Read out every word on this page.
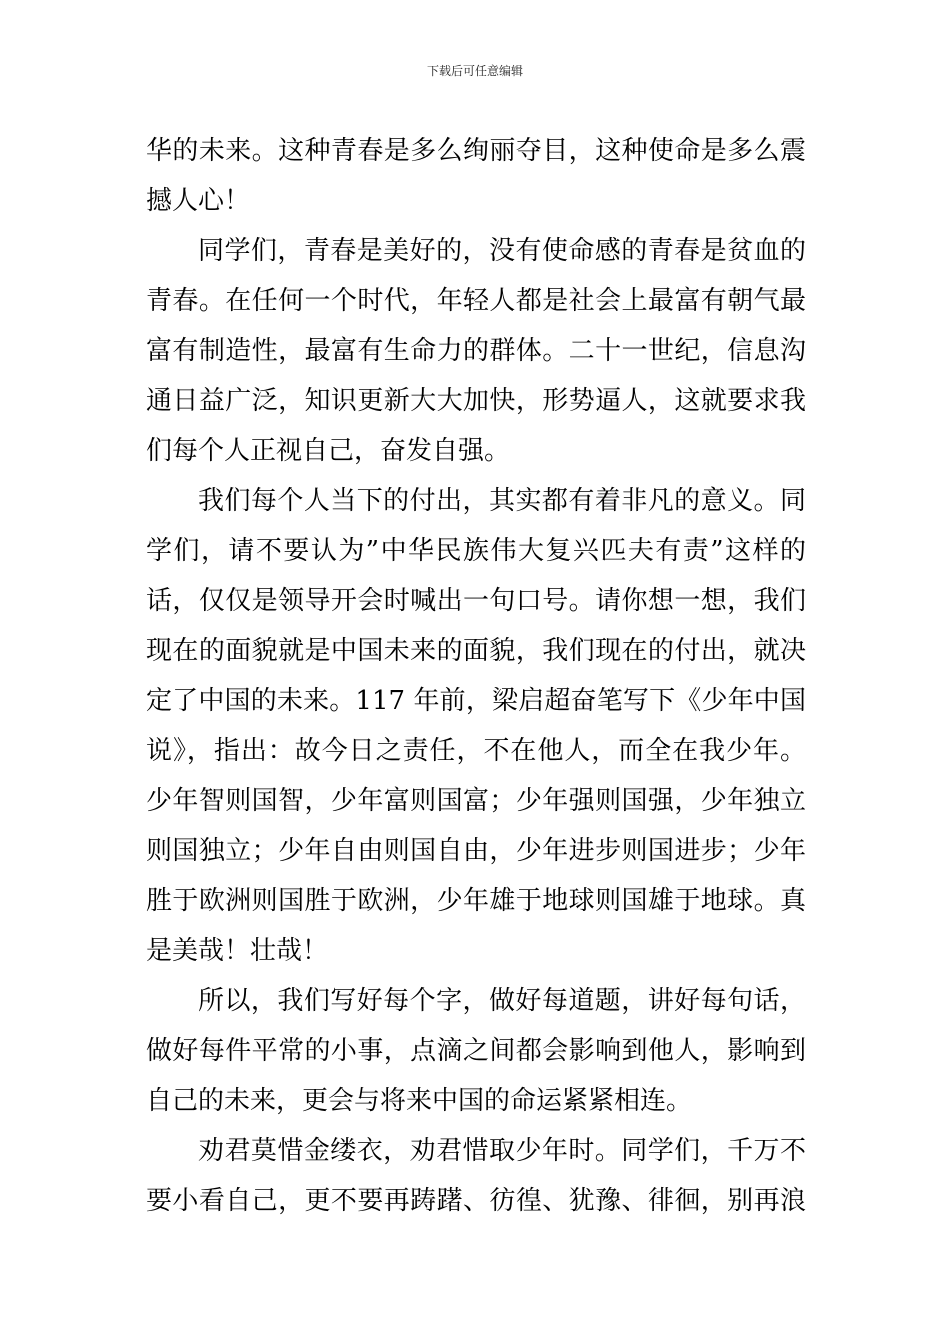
下载后可任意编辑
华的未来。这种青春是多么绚丽夺目，这种使命是多么震
撼人心！
同学们，青春是美好的，没有使命感的青春是贫血的
青春。在任何一个时代，年轻人都是社会上最富有朝气最
富有制造性，最富有生命力的群体。二十一世纪，信息沟
通日益广泛，知识更新大大加快，形势逼人，这就要求我
们每个人正视自己，奋发自强。
我们每个人当下的付出，其实都有着非凡的意义。同
学们，请不要认为”中华民族伟大复兴匹夫有责”这样的
话，仅仅是领导开会时喊出一句口号。请你想一想，我们
现在的面貌就是中国未来的面貌，我们现在的付出，就决
定了中国的未来。117 年前，梁启超奋笔写下《少年中国
说》，指出：故今日之责任，不在他人，而全在我少年。
少年智则国智，少年富则国富；少年强则国强，少年独立
则国独立；少年自由则国自由，少年进步则国进步；少年
胜于欧洲则国胜于欧洲，少年雄于地球则国雄于地球。真
是美哉！壮哉！
所以，我们写好每个字，做好每道题，讲好每句话，
做好每件平常的小事，点滴之间都会影响到他人，影响到
自己的未来，更会与将来中国的命运紧紧相连。
劝君莫惜金缕衣，劝君惜取少年时。同学们，千万不
要小看自己，更不要再踌躇、彷徨、犹豫、徘徊，别再浪
